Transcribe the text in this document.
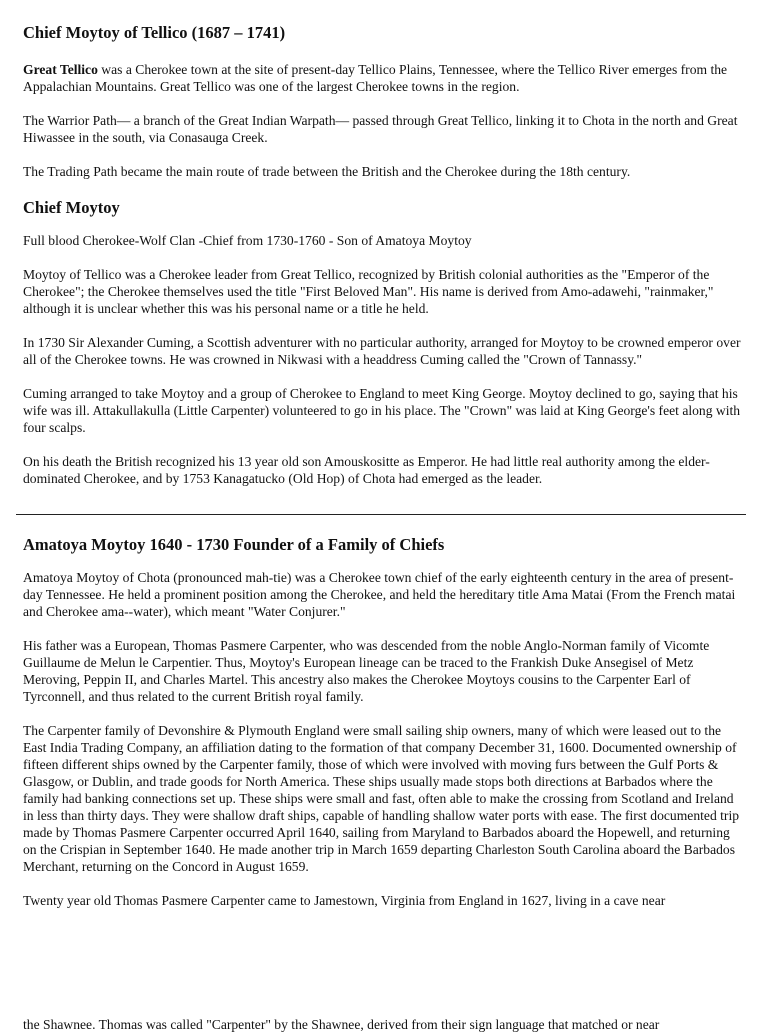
Chief Moytoy of Tellico (1687 – 1741)

Great Tellico was a Cherokee town at the site of present-day Tellico Plains, Tennessee, where the Tellico River emerges from the Appalachian Mountains. Great Tellico was one of the largest Cherokee towns in the region.

The Warrior Path— a branch of the Great Indian Warpath— passed through Great Tellico, linking it to Chota in the north and Great Hiwassee in the south, via Conasauga Creek.

The Trading Path became the main route of trade between the British and the Cherokee during the 18th century.

Chief Moytoy

Full blood Cherokee-Wolf Clan -Chief from 1730-1760 - Son of Amatoya Moytoy

Moytoy of Tellico was a Cherokee leader from Great Tellico, recognized by British colonial authorities as the "Emperor of the Cherokee"; the Cherokee themselves used the title "First Beloved Man". His name is derived from Amo-adawehi, "rainmaker," although it is unclear whether this was his personal name or a title he held.

In 1730 Sir Alexander Cuming, a Scottish adventurer with no particular authority, arranged for Moytoy to be crowned emperor over all of the Cherokee towns. He was crowned in Nikwasi with a headdress Cuming called the "Crown of Tannassy."

Cuming arranged to take Moytoy and a group of Cherokee to England to meet King George. Moytoy declined to go, saying that his wife was ill. Attakullakulla (Little Carpenter) volunteered to go in his place. The "Crown" was laid at King George's feet along with four scalps.

On his death the British recognized his 13 year old son Amouskositte as Emperor. He had little real authority among the elder-dominated Cherokee, and by 1753 Kanagatucko (Old Hop) of Chota had emerged as the leader.

Amatoya Moytoy 1640 - 1730 Founder of a Family of Chiefs

Amatoya Moytoy of Chota (pronounced mah-tie) was a Cherokee town chief of the early eighteenth century in the area of present-day Tennessee. He held a prominent position among the Cherokee, and held the hereditary title Ama Matai (From the French matai and Cherokee ama--water), which meant "Water Conjurer."

His father was a European, Thomas Pasmere Carpenter, who was descended from the noble Anglo-Norman family of Vicomte Guillaume de Melun le Carpentier. Thus, Moytoy's European lineage can be traced to the Frankish Duke Ansegisel of Metz Meroving, Peppin II, and Charles Martel. This ancestry also makes the Cherokee Moytoys cousins to the Carpenter Earl of Tyrconnell, and thus related to the current British royal family.

The Carpenter family of Devonshire & Plymouth England were small sailing ship owners, many of which were leased out to the East India Trading Company, an affiliation dating to the formation of that company December 31, 1600. Documented ownership of fifteen different ships owned by the Carpenter family, those of which were involved with moving furs between the Gulf Ports & Glasgow, or Dublin, and trade goods for North America. These ships usually made stops both directions at Barbados where the family had banking connections set up. These ships were small and fast, often able to make the crossing from Scotland and Ireland in less than thirty days. They were shallow draft ships, capable of handling shallow water ports with ease. The first documented trip made by Thomas Pasmere Carpenter occurred April 1640, sailing from Maryland to Barbados aboard the Hopewell, and returning on the Crispian in September 1640. He made another trip in March 1659 departing Charleston South Carolina aboard the Barbados Merchant, returning on the Concord in August 1659.

Twenty year old Thomas Pasmere Carpenter came to Jamestown, Virginia from England in 1627, living in a cave near

the Shawnee. Thomas was called "Carpenter" by the Shawnee, derived from their sign language that matched or near
